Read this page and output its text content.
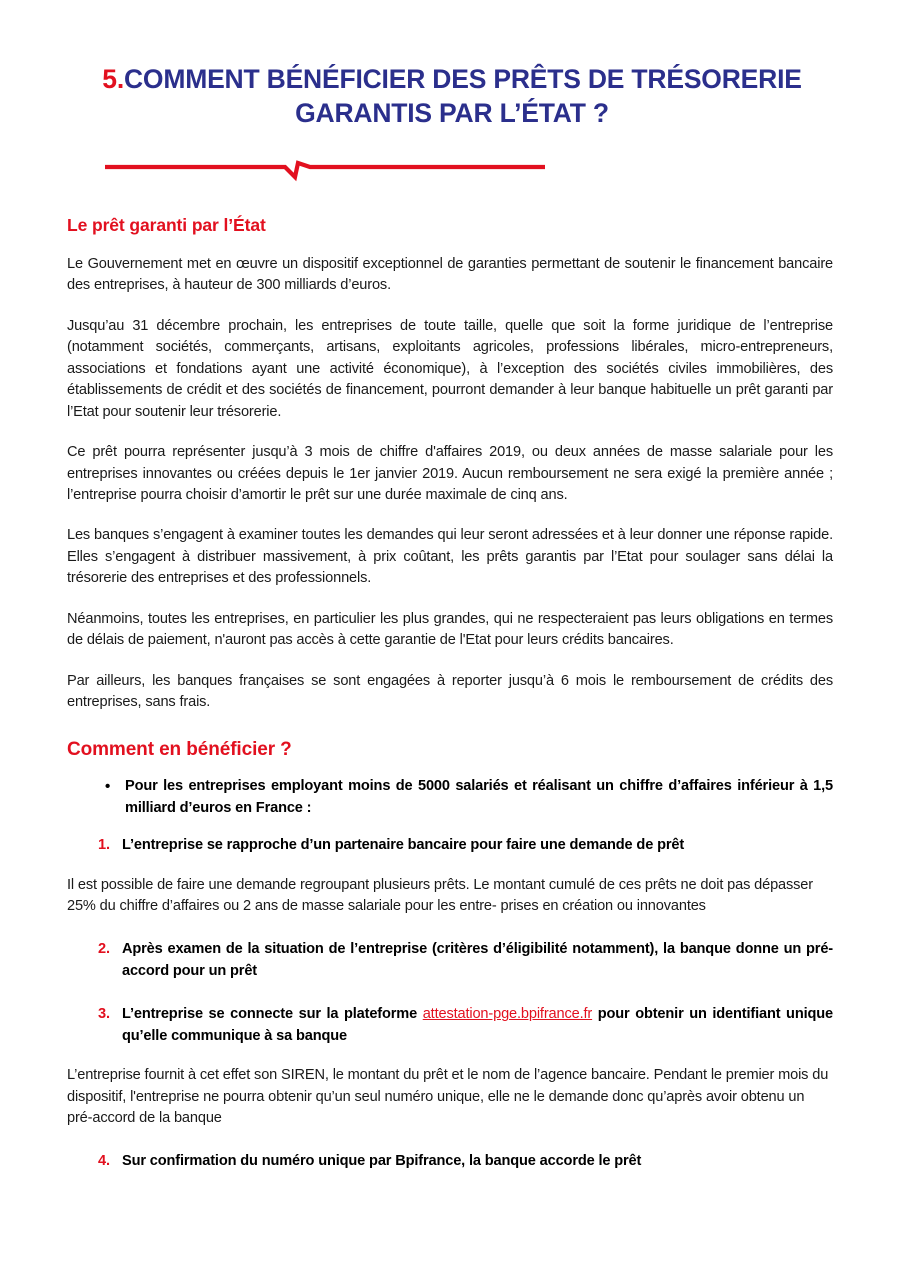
5.COMMENT BÉNÉFICIER DES PRÊTS DE TRÉSORERIE GARANTIS PAR L’ÉTAT ?
Le prêt garanti par l’État

Le Gouvernement met en œuvre un dispositif exceptionnel de garanties permettant de soutenir le financement bancaire des entreprises, à hauteur de 300 milliards d’euros.

Jusqu’au 31 décembre prochain, les entreprises de toute taille, quelle que soit la forme juridique de l’entreprise (notamment sociétés, commerçants, artisans, exploitants agricoles, professions libérales, micro-entrepreneurs, associations et fondations ayant une activité économique), à l’exception des sociétés civiles immobilières, des établissements de crédit et des sociétés de financement, pourront demander à leur banque habituelle un prêt garanti par l’Etat pour soutenir leur trésorerie.

Ce prêt pourra représenter jusqu’à 3 mois de chiffre d'affaires 2019, ou deux années de masse salariale pour les entreprises innovantes ou créées depuis le 1er janvier 2019. Aucun remboursement ne sera exigé la première année ; l’entreprise pourra choisir d’amortir le prêt sur une durée maximale de cinq ans.

Les banques s’engagent à examiner toutes les demandes qui leur seront adressées et à leur donner une réponse rapide. Elles s’engagent à distribuer massivement, à prix coûtant, les prêts garantis par l’Etat pour soulager sans délai la trésorerie des entreprises et des professionnels.

Néanmoins, toutes les entreprises, en particulier les plus grandes, qui ne respecteraient pas leurs obligations en termes de délais de paiement, n'auront pas accès à cette garantie de l'Etat pour leurs crédits bancaires.

Par ailleurs, les banques françaises se sont engagées à reporter jusqu’à 6 mois le remboursement de crédits des entreprises, sans frais.

Comment en bénéficier ?
• Pour les entreprises employant moins de 5000 salariés et réalisant un chiffre d’affaires inférieur à 1,5 milliard d’euros en France :
1. L’entreprise se rapproche d’un partenaire bancaire pour faire une demande de prêt

Il est possible de faire une demande regroupant plusieurs prêts. Le montant cumulé de ces prêts ne doit pas dépasser 25% du chiffre d’affaires ou 2 ans de masse salariale pour les entre- prises en création ou innovantes

2. Après examen de la situation de l’entreprise (critères d’éligibilité notamment), la banque donne un pré-accord pour un prêt
3. L’entreprise se connecte sur la plateforme attestation-pge.bpifrance.fr pour obtenir un identifiant unique qu’elle communique à sa banque

L’entreprise fournit à cet effet son SIREN, le montant du prêt et le nom de l’agence bancaire. Pendant le premier mois du dispositif, l'entreprise ne pourra obtenir qu’un seul numéro unique, elle ne le demande donc qu’après avoir obtenu un pré-accord de la banque

4. Sur confirmation du numéro unique par Bpifrance, la banque accorde le prêt
